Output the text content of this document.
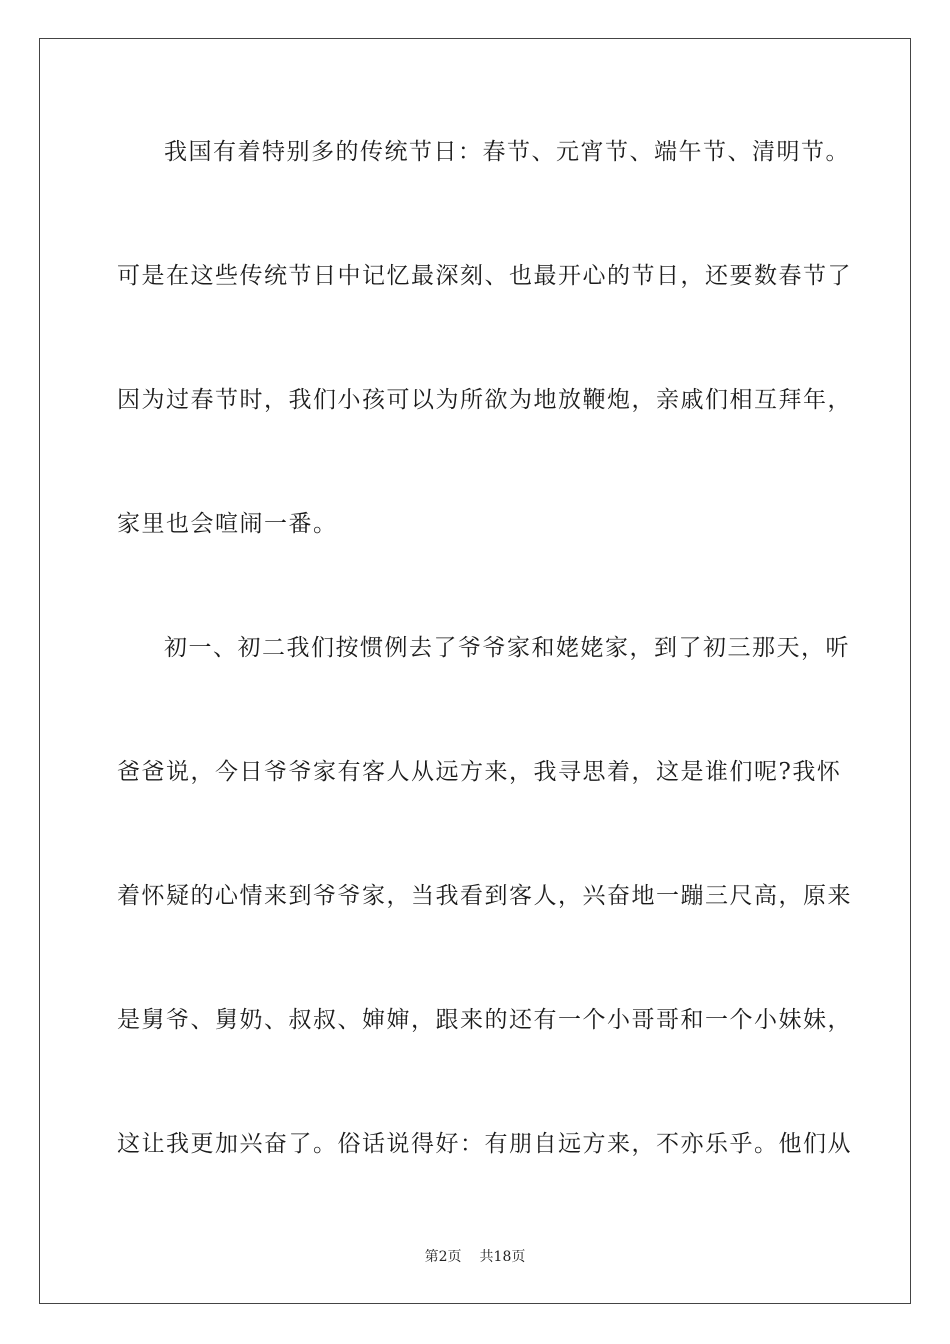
我国有着特别多的传统节日：春节、元宵节、端午节、清明节。
可是在这些传统节日中记忆最深刻、也最开心的节日，还要数春节了
因为过春节时，我们小孩可以为所欲为地放鞭炮，亲戚们相互拜年，
家里也会喧闹一番。
初一、初二我们按惯例去了爷爷家和姥姥家，到了初三那天，听
爸爸说，今日爷爷家有客人从远方来，我寻思着，这是谁们呢?我怀
着怀疑的心情来到爷爷家，当我看到客人，兴奋地一蹦三尺高，原来
是舅爷、舅奶、叔叔、婶婶，跟来的还有一个小哥哥和一个小妹妹，
这让我更加兴奋了。俗话说得好：有朋自远方来，不亦乐乎。他们从
第2页 共18页
